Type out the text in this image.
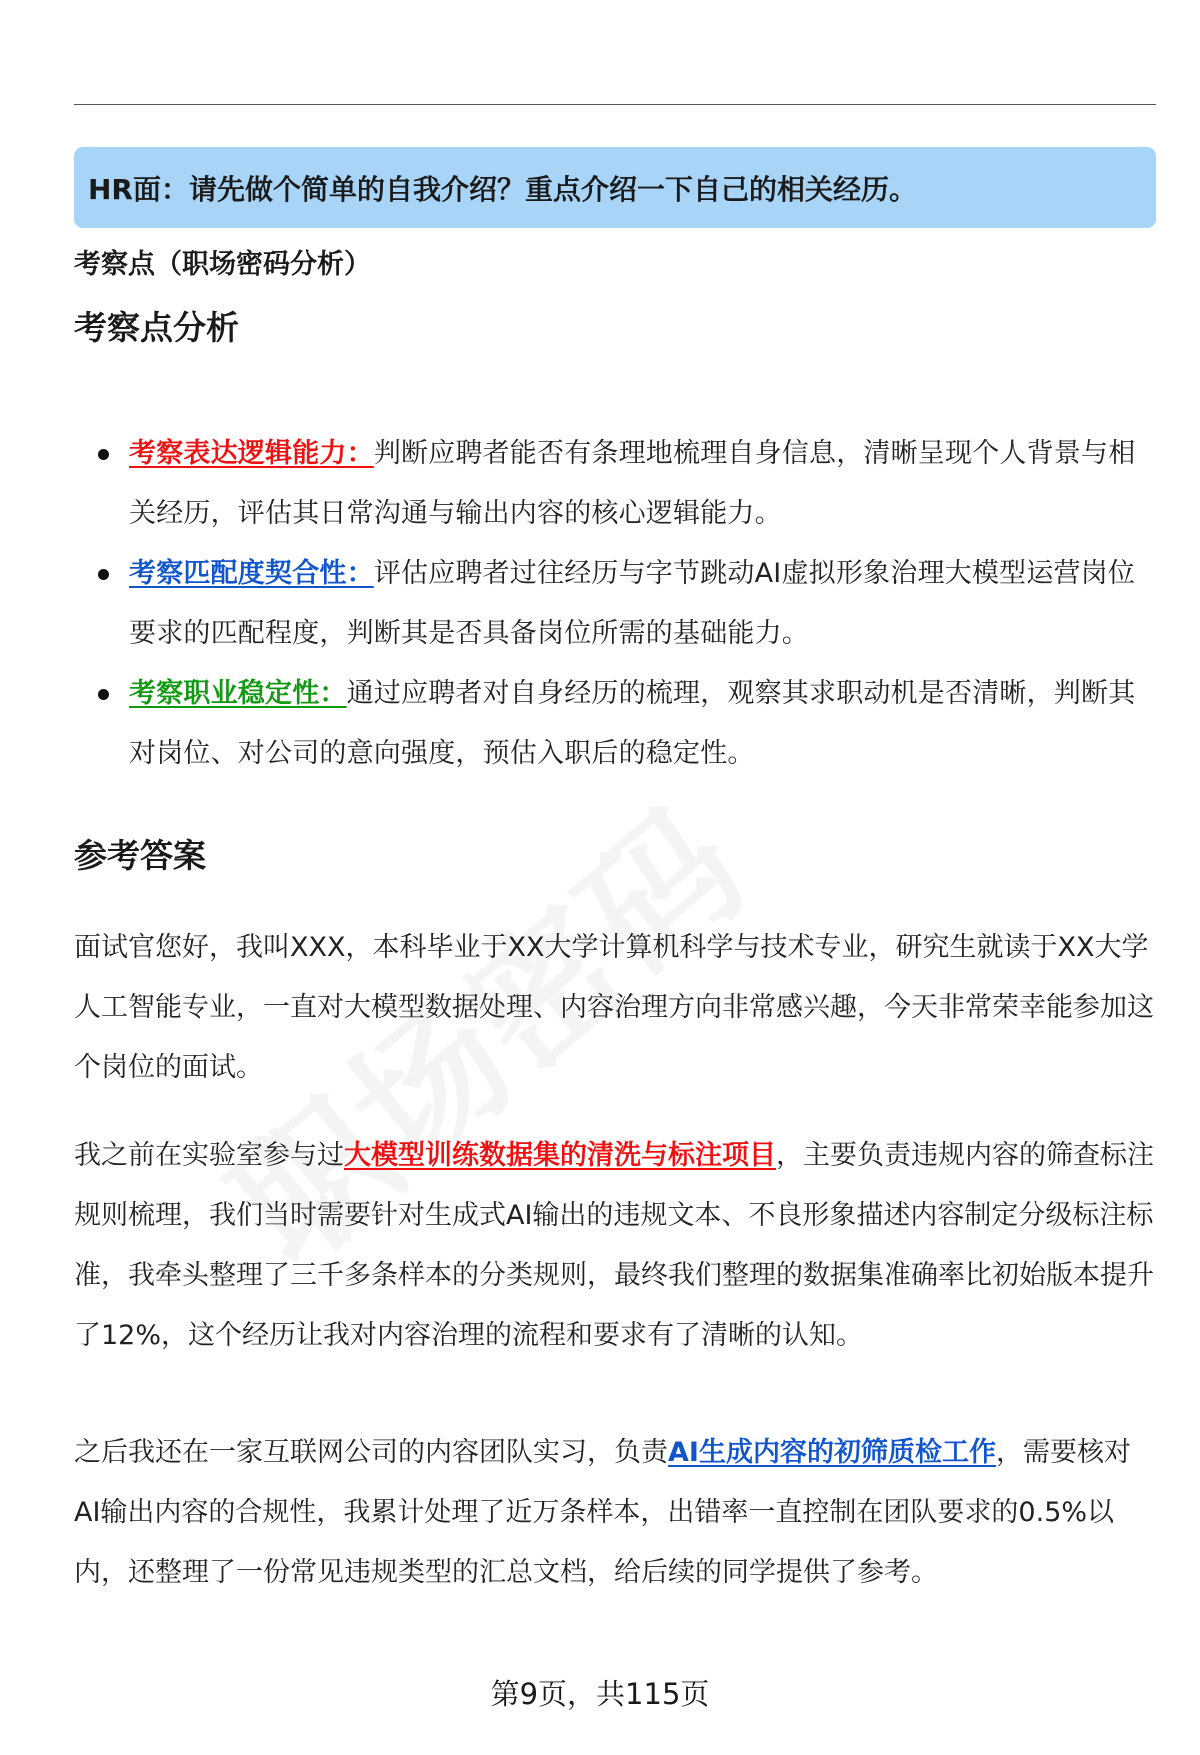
HR面：请先做个简单的自我介绍？重点介绍一下自己的相关经历。
考察点（职场密码分析）
考察点分析
考察表达逻辑能力：判断应聘者能否有条理地梳理自身信息，清晰呈现个人背景与相关经历，评估其日常沟通与输出内容的核心逻辑能力。
考察匹配度契合性：评估应聘者过往经历与字节跳动AI虚拟形象治理大模型运营岗位要求的匹配程度，判断其是否具备岗位所需的基础能力。
考察职业稳定性：通过应聘者对自身经历的梳理，观察其求职动机是否清晰，判断其对岗位、对公司的意向强度，预估入职后的稳定性。
参考答案

面试官您好，我叫XXX，本科毕业于XX大学计算机科学与技术专业，研究生就读于XX大学人工智能专业，一直对大模型数据处理、内容治理方向非常感兴趣，今天非常荣幸能参加这个岗位的面试。

我之前在实验室参与过大模型训练数据集的清洗与标注项目，主要负责违规内容的筛查标注规则梳理，我们当时需要针对生成式AI输出的违规文本、不良形象描述内容制定分级标注标准，我牵头整理了三千多条样本的分类规则，最终我们整理的数据集准确率比初始版本提升了12%，这个经历让我对内容治理的流程和要求有了清晰的认知。

之后我还在一家互联网公司的内容团队实习，负责AI生成内容的初筛质检工作，需要核对AI输出内容的合规性，我累计处理了近万条样本，出错率一直控制在团队要求的0.5%以内，还整理了一份常见违规类型的汇总文档，给后续的同学提供了参考。

第9页，共115页
